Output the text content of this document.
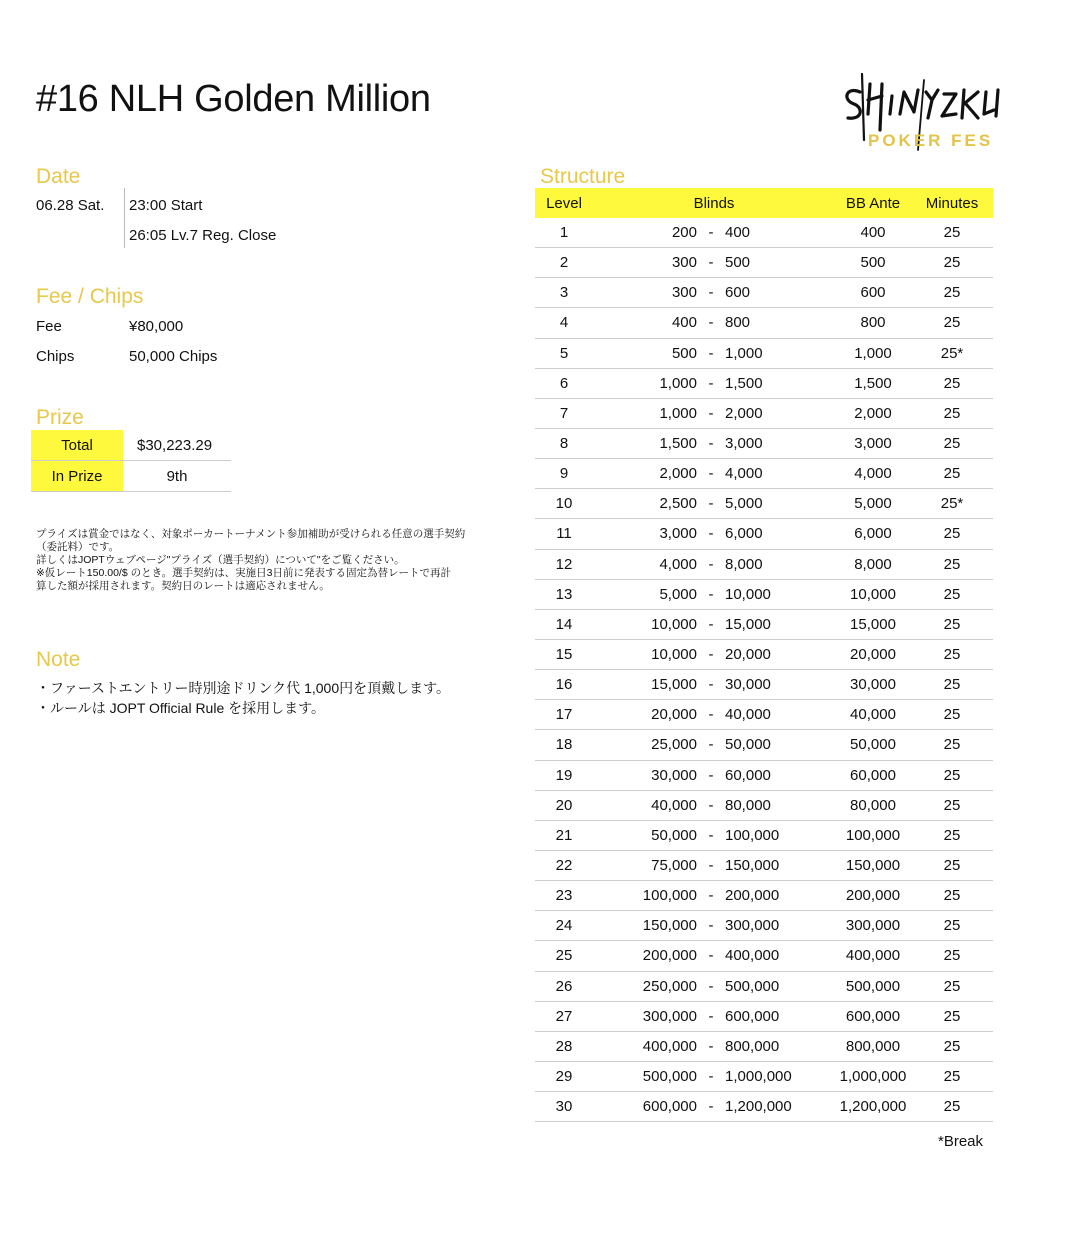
#16 NLH Golden Million
POKER FES
Date
06.28 Sat. 23:00 Start
26:05 Lv.7 Reg. Close
Fee / Chips
Fee	¥80,000
Chips	50,000 Chips
Prize
Total	$30,223.29
In Prize	9th
プライズは賞金ではなく、対象ポーカートーナメント参加補助が受けられる任意の選手契約
（委託料）です。
詳しくはJOPTウェブページ"プライズ（選手契約）について"をご覧ください。
※仮レート150.00/$ のとき。選手契約は、実施日3日前に発表する固定為替レートで再計
算した額が採用されます。契約日のレートは適応されません。
Note
・ファーストエントリー時別途ドリンク代 1,000円を頂戴します。
・ルールは JOPT Official Rule を採用します。
Structure
Level	Blinds	BB Ante	Minutes
1	200 - 400	400	25
2	300 - 500	500	25
3	300 - 600	600	25
4	400 - 800	800	25
5	500 - 1,000	1,000	25*
6	1,000 - 1,500	1,500	25
7	1,000 - 2,000	2,000	25
8	1,500 - 3,000	3,000	25
9	2,000 - 4,000	4,000	25
10	2,500 - 5,000	5,000	25*
11	3,000 - 6,000	6,000	25
12	4,000 - 8,000	8,000	25
13	5,000 - 10,000	10,000	25
14	10,000 - 15,000	15,000	25
15	10,000 - 20,000	20,000	25
16	15,000 - 30,000	30,000	25
17	20,000 - 40,000	40,000	25
18	25,000 - 50,000	50,000	25
19	30,000 - 60,000	60,000	25
20	40,000 - 80,000	80,000	25
21	50,000 - 100,000	100,000	25
22	75,000 - 150,000	150,000	25
23	100,000 - 200,000	200,000	25
24	150,000 - 300,000	300,000	25
25	200,000 - 400,000	400,000	25
26	250,000 - 500,000	500,000	25
27	300,000 - 600,000	600,000	25
28	400,000 - 800,000	800,000	25
29	500,000 - 1,000,000	1,000,000	25
30	600,000 - 1,200,000	1,200,000	25
*Break
